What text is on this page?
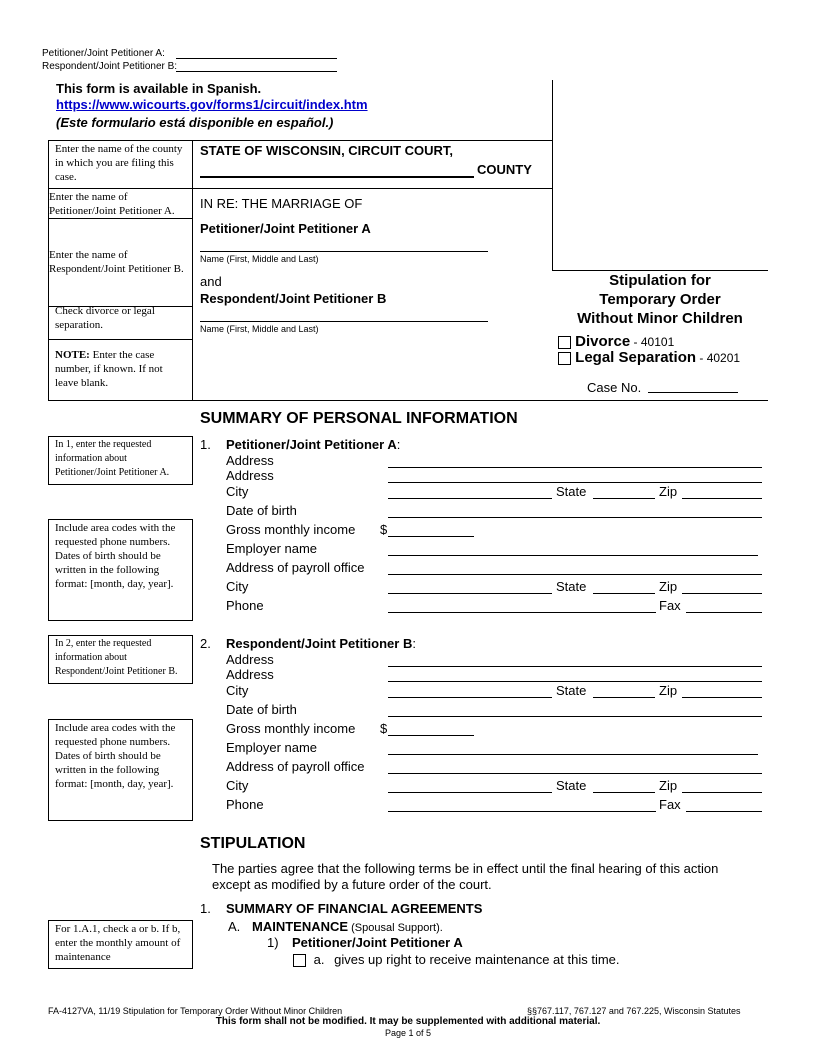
Petitioner/Joint Petitioner A:
Respondent/Joint Petitioner B:
This form is available in Spanish.
https://www.wicourts.gov/forms1/circuit/index.htm
(Este formulario está disponible en español.)
Enter the name of the county in which you are filing this case.
Enter the name of Petitioner/Joint Petitioner A.
Enter the name of Respondent/Joint Petitioner B.
Check divorce or legal separation.
NOTE: Enter the case number, if known. If not leave blank.
STATE OF WISCONSIN, CIRCUIT COURT,
COUNTY
IN RE: THE MARRIAGE OF
Petitioner/Joint Petitioner A
Name (First, Middle and Last)
and
Respondent/Joint Petitioner B
Name (First, Middle and Last)
Stipulation for
Temporary Order
Without Minor Children
Divorce - 40101
Legal Separation - 40201
Case No.
SUMMARY OF PERSONAL INFORMATION
In 1, enter the requested information about Petitioner/Joint Petitioner A.
Include area codes with the requested phone numbers. Dates of birth should be written in the following format: [month, day, year].
In 2, enter the requested information about Respondent/Joint Petitioner B.
Include area codes with the requested phone numbers. Dates of birth should be written in the following format: [month, day, year].
1. Petitioner/Joint Petitioner A:
Address
Address
City	State	Zip
Date of birth
Gross monthly income $
Employer name
Address of payroll office
City	State	Zip
Phone	Fax
2. Respondent/Joint Petitioner B:
Address
Address
City	State	Zip
Date of birth
Gross monthly income $
Employer name
Address of payroll office
City	State	Zip
Phone	Fax
STIPULATION
The parties agree that the following terms be in effect until the final hearing of this action except as modified by a future order of the court.
1. SUMMARY OF FINANCIAL AGREEMENTS
For 1.A.1, check a or b. If b, enter the monthly amount of maintenance
A. MAINTENANCE (Spousal Support).
1) Petitioner/Joint Petitioner A
a. gives up right to receive maintenance at this time.
FA-4127VA, 11/19 Stipulation for Temporary Order Without Minor Children	§§767.117, 767.127 and 767.225, Wisconsin Statutes
This form shall not be modified. It may be supplemented with additional material.
Page 1 of 5
